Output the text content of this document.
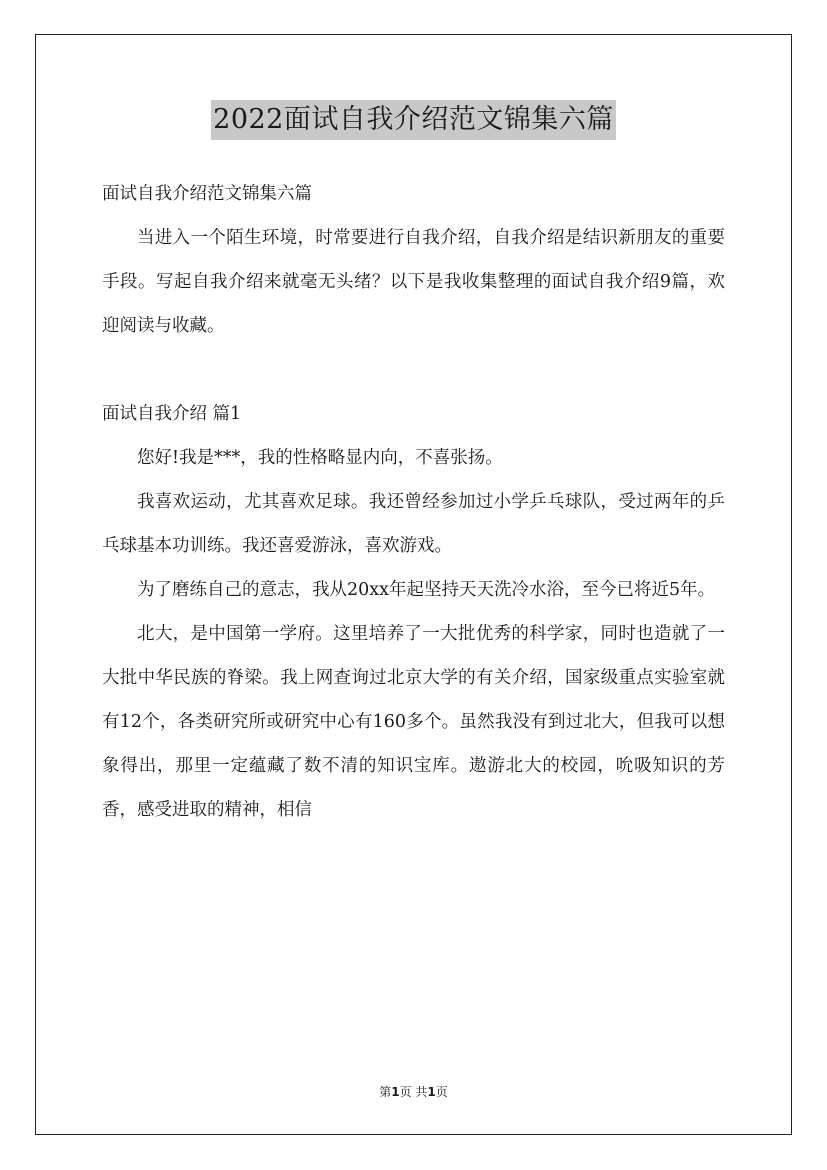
2022面试自我介绍范文锦集六篇

面试自我介绍范文锦集六篇

当进入一个陌生环境，时常要进行自我介绍，自我介绍是结识新朋友的重要手段。写起自我介绍来就毫无头绪？以下是我收集整理的面试自我介绍9篇，欢迎阅读与收藏。

面试自我介绍 篇1

您好!我是***，我的性格略显内向，不喜张扬。

我喜欢运动，尤其喜欢足球。我还曾经参加过小学乒乓球队，受过两年的乒乓球基本功训练。我还喜爱游泳，喜欢游戏。

为了磨练自己的意志，我从20xx年起坚持天天洗冷水浴，至今已将近5年。

北大，是中国第一学府。这里培养了一大批优秀的科学家，同时也造就了一大批中华民族的脊梁。我上网查询过北京大学的有关介绍，国家级重点实验室就有12个，各类研究所或研究中心有160多个。虽然我没有到过北大，但我可以想象得出，那里一定蕴藏了数不清的知识宝库。遨游北大的校园，吮吸知识的芳香，感受进取的精神，相信

第1页 共1页
